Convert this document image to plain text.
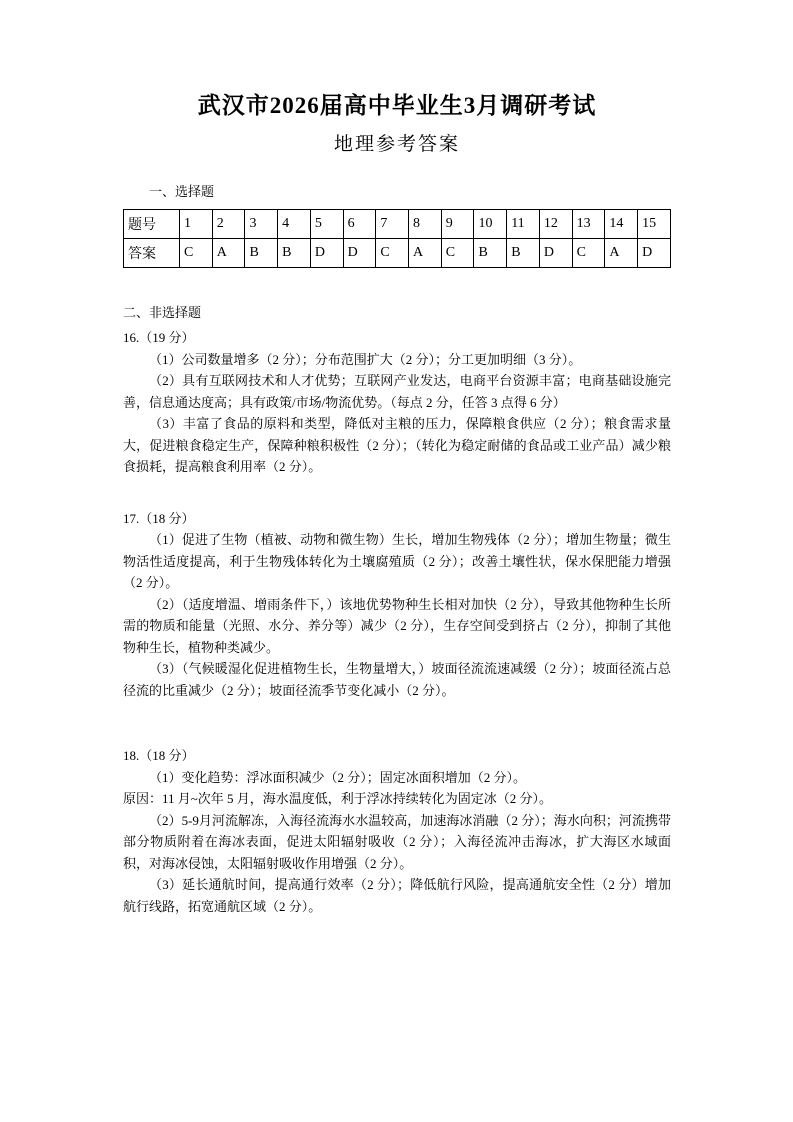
武汉市2026届高中毕业生3月调研考试
地理参考答案
一、选择题
题号	1	2	3	4	5	6	7	8	9	10	11	12	13	14	15
答案	C	A	B	B	D	D	C	A	C	B	B	D	C	A	D
二、非选择题

16.（19 分）

（1）公司数量增多（2 分）；分布范围扩大（2 分）；分工更加明细（3 分）。

（2）具有互联网技术和人才优势；互联网产业发达，电商平台资源丰富；电商基础设施完善，信息通达度高；具有政策/市场/物流优势。（每点 2 分，任答 3 点得 6 分）

（3）丰富了食品的原料和类型，降低对主粮的压力，保障粮食供应（2 分）；粮食需求量大，促进粮食稳定生产，保障种粮积极性（2 分）；（转化为稳定耐储的食品或工业产品）减少粮食损耗，提高粮食利用率（2 分）。

17.（18 分）

（1）促进了生物（植被、动物和微生物）生长，增加生物残体（2 分）；增加生物量；微生物活性适度提高，利于生物残体转化为土壤腐殖质（2 分）；改善土壤性状，保水保肥能力增强（2 分）。

（2）（适度增温、增雨条件下，）该地优势物种生长相对加快（2 分），导致其他物种生长所需的物质和能量（光照、水分、养分等）减少（2 分），生存空间受到挤占（2 分），抑制了其他物种生长，植物种类减少。

（3）（气候暖湿化促进植物生长，生物量增大，）坡面径流流速减缓（2 分）；坡面径流占总径流的比重减少（2 分）；坡面径流季节变化减小（2 分）。

18.（18 分）

（1）变化趋势：浮冰面积减少（2 分）；固定冰面积增加（2 分）。

原因：11 月~次年 5 月，海水温度低，利于浮冰持续转化为固定冰（2 分）。

（2）5-9月河流解冻，入海径流海水水温较高，加速海冰消融（2 分）；海水向积；河流携带部分物质附着在海冰表面，促进太阳辐射吸收（2 分）；入海径流冲击海冰，扩大海区水域面积，对海冰侵蚀，太阳辐射吸收作用增强（2 分）。

（3）延长通航时间，提高通行效率（2 分）；降低航行风险，提高通航安全性（2 分）增加航行线路，拓宽通航区域（2 分）。
